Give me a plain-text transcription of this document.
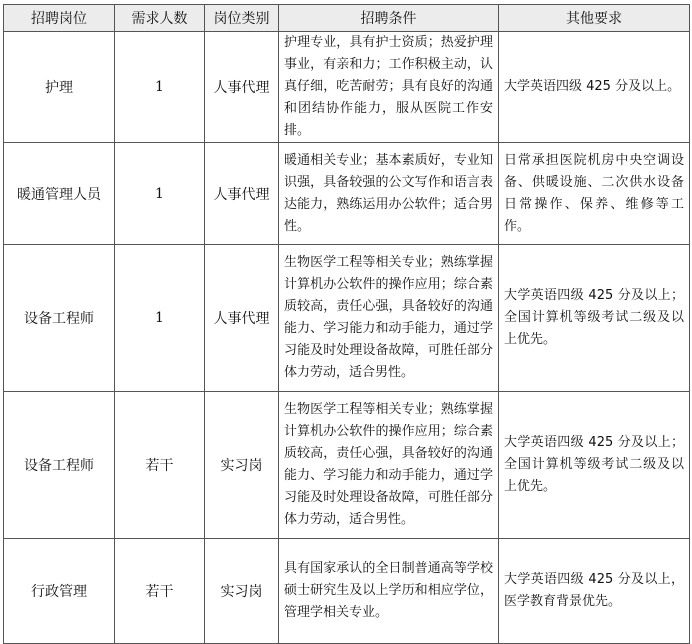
招聘岗位	需求人数	岗位类别	招聘条件	其他要求
护理	1	人事代理	护理专业，具有护士资质；热爱护理事业，有亲和力；工作积极主动，认真仔细，吃苦耐劳；具有良好的沟通和团结协作能力，服从医院工作安排。	大学英语四级 425 分及以上。
暖通管理人员	1	人事代理	暖通相关专业；基本素质好，专业知识强，具备较强的公文写作和语言表达能力，熟练运用办公软件；适合男性。	日常承担医院机房中央空调设备、供暖设施、二次供水设备日常操作、保养、维修等工作。
设备工程师	1	人事代理	生物医学工程等相关专业；熟练掌握计算机办公软件的操作应用；综合素质较高，责任心强，具备较好的沟通能力、学习能力和动手能力，通过学习能及时处理设备故障，可胜任部分体力劳动，适合男性。	大学英语四级 425 分及以上；全国计算机等级考试二级及以上优先。
设备工程师	若干	实习岗	生物医学工程等相关专业；熟练掌握计算机办公软件的操作应用；综合素质较高，责任心强，具备较好的沟通能力、学习能力和动手能力，通过学习能及时处理设备故障，可胜任部分体力劳动，适合男性。	大学英语四级 425 分及以上；全国计算机等级考试二级及以上优先。
行政管理	若干	实习岗	具有国家承认的全日制普通高等学校硕士研究生及以上学历和相应学位，管理学相关专业。	大学英语四级 425 分及以上，医学教育背景优先。
